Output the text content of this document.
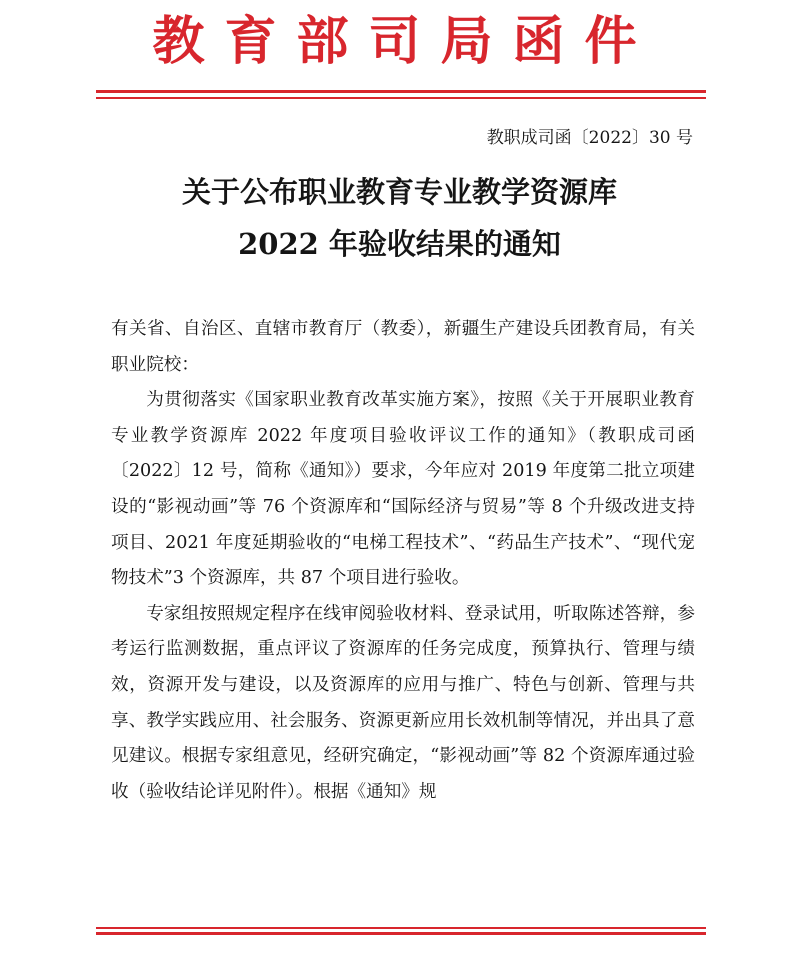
教育部司局函件
教职成司函〔2022〕30 号
关于公布职业教育专业教学资源库
2022 年验收结果的通知

有关省、自治区、直辖市教育厅（教委），新疆生产建设兵团教育局，有关职业院校：

为贯彻落实《国家职业教育改革实施方案》，按照《关于开展职业教育专业教学资源库 2022 年度项目验收评议工作的通知》（教职成司函〔2022〕12 号，简称《通知》）要求，今年应对 2019 年度第二批立项建设的“影视动画”等 76 个资源库和“国际经济与贸易”等 8 个升级改进支持项目、2021 年度延期验收的“电梯工程技术”、“药品生产技术”、“现代宠物技术”3 个资源库，共 87 个项目进行验收。

专家组按照规定程序在线审阅验收材料、登录试用，听取陈述答辩，参考运行监测数据，重点评议了资源库的任务完成度，预算执行、管理与绩效，资源开发与建设，以及资源库的应用与推广、特色与创新、管理与共享、教学实践应用、社会服务、资源更新应用长效机制等情况，并出具了意见建议。根据专家组意见，经研究确定，“影视动画”等 82 个资源库通过验收（验收结论详见附件）。根据《通知》规
